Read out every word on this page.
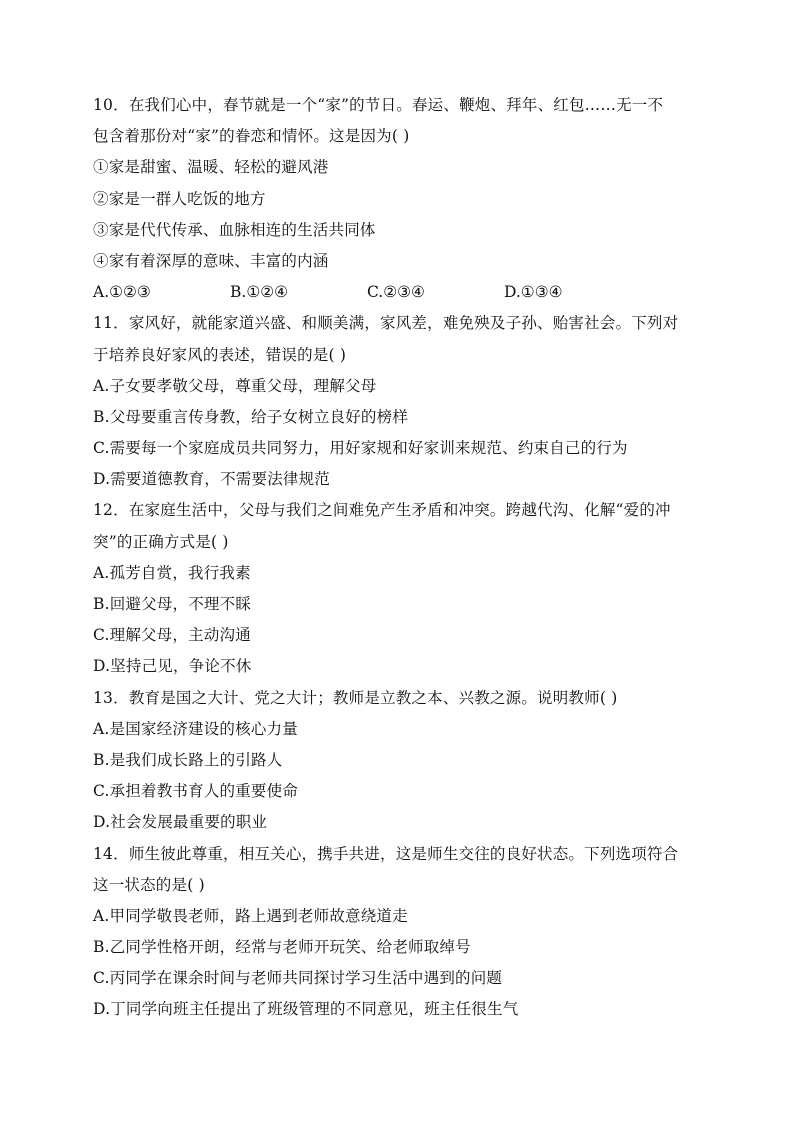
10．在我们心中，春节就是一个“家”的节日。春运、鞭炮、拜年、红包……无一不
包含着那份对“家”的眷恋和情怀。这是因为( )
①家是甜蜜、温暖、轻松的避风港
②家是一群人吃饭的地方
③家是代代传承、血脉相连的生活共同体
④家有着深厚的意味、丰富的内涵
A.①②③	B.①②④	C.②③④	D.①③④
11．家风好，就能家道兴盛、和顺美满，家风差，难免殃及子孙、贻害社会。下列对
于培养良好家风的表述，错误的是( )
A.子女要孝敬父母，尊重父母，理解父母
B.父母要重言传身教，给子女树立良好的榜样
C.需要每一个家庭成员共同努力，用好家规和好家训来规范、约束自己的行为
D.需要道德教育，不需要法律规范
12．在家庭生活中，父母与我们之间难免产生矛盾和冲突。跨越代沟、化解“爱的冲
突”的正确方式是( )
A.孤芳自赏，我行我素
B.回避父母，不理不睬
C.理解父母，主动沟通
D.坚持己见，争论不休
13．教育是国之大计、党之大计；教师是立教之本、兴教之源。说明教师( )
A.是国家经济建设的核心力量
B.是我们成长路上的引路人
C.承担着教书育人的重要使命
D.社会发展最重要的职业
14．师生彼此尊重，相互关心，携手共进，这是师生交往的良好状态。下列选项符合
这一状态的是( )
A.甲同学敬畏老师，路上遇到老师故意绕道走
B.乙同学性格开朗，经常与老师开玩笑、给老师取绰号
C.丙同学在课余时间与老师共同探讨学习生活中遇到的问题
D.丁同学向班主任提出了班级管理的不同意见，班主任很生气
